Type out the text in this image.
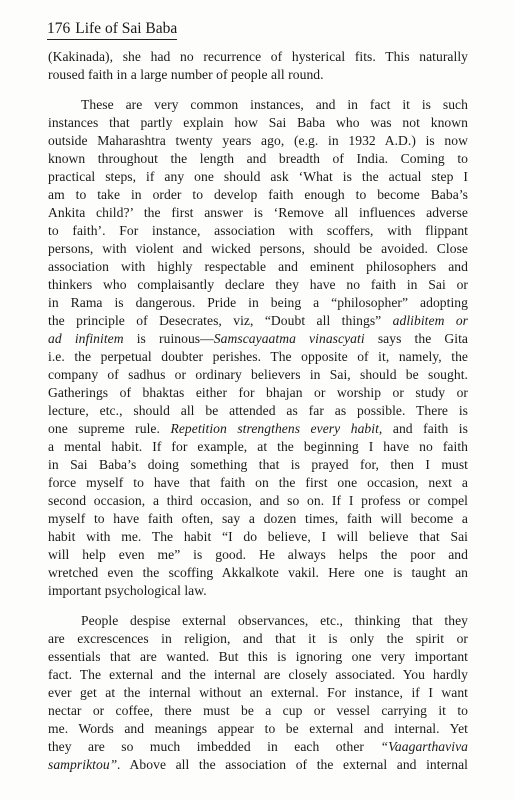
176 Life of Sai Baba
(Kakinada), she had no recurrence of hysterical fits. This naturally
roused faith in a large number of people all round.
These are very common instances, and in fact it is such
instances that partly explain how Sai Baba who was not known
outside Maharashtra twenty years ago, (e.g. in 1932 A.D.) is now
known throughout the length and breadth of India. Coming to
practical steps, if any one should ask ‘What is the actual step I
am to take in order to develop faith enough to become Baba’s
Ankita child?’ the first answer is ‘Remove all influences adverse
to faith’. For instance, association with scoffers, with flippant
persons, with violent and wicked persons, should be avoided. Close
association with highly respectable and eminent philosophers and
thinkers who complaisantly declare they have no faith in Sai or
in Rama is dangerous. Pride in being a “philosopher” adopting
the principle of Desecrates, viz, “Doubt all things” adlibitem or
ad infinitem is ruinous—Samscayaatma vinascyati says the Gita
i.e. the perpetual doubter perishes. The opposite of it, namely, the
company of sadhus or ordinary believers in Sai, should be sought.
Gatherings of bhaktas either for bhajan or worship or study or
lecture, etc., should all be attended as far as possible. There is
one supreme rule. Repetition strengthens every habit, and faith is
a mental habit. If for example, at the beginning I have no faith
in Sai Baba’s doing something that is prayed for, then I must
force myself to have that faith on the first one occasion, next a
second occasion, a third occasion, and so on. If I profess or compel
myself to have faith often, say a dozen times, faith will become a
habit with me. The habit “I do believe, I will believe that Sai
will help even me” is good. He always helps the poor and
wretched even the scoffing Akkalkote vakil. Here one is taught an
important psychological law.
People despise external observances, etc., thinking that they
are excrescences in religion, and that it is only the spirit or
essentials that are wanted. But this is ignoring one very important
fact. The external and the internal are closely associated. You hardly
ever get at the internal without an external. For instance, if I want
nectar or coffee, there must be a cup or vessel carrying it to
me. Words and meanings appear to be external and internal. Yet
they are so much imbedded in each other “Vaagarthaviva
sampriktou”. Above all the association of the external and internal
